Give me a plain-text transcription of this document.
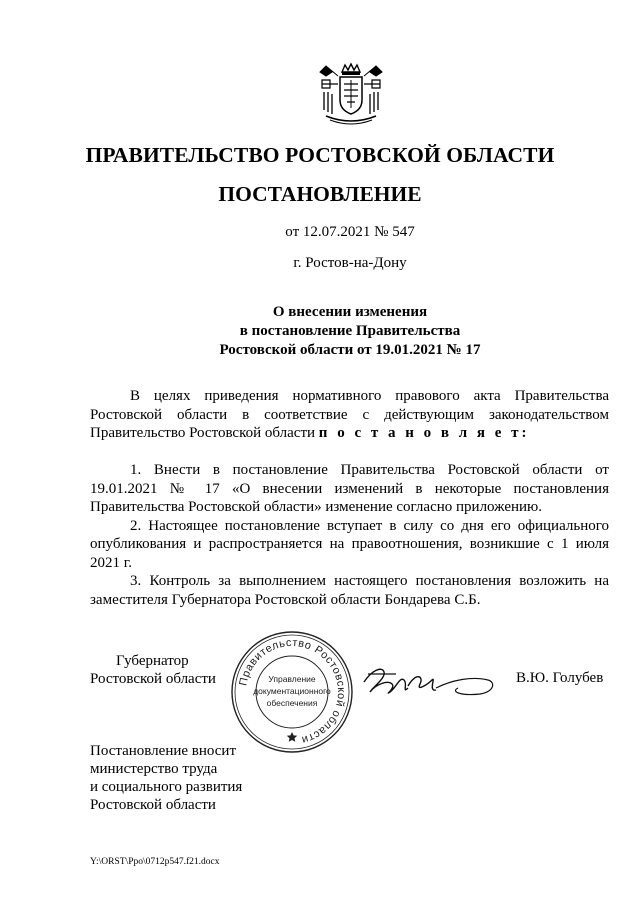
ПРАВИТЕЛЬСТВО РОСТОВСКОЙ ОБЛАСТИ
ПОСТАНОВЛЕНИЕ
от 12.07.2021 № 547
г. Ростов-на-Дону
О внесении изменения
в постановление Правительства
Ростовской области от 19.01.2021 № 17

В целях приведения нормативного правового акта Правительства Ростовской области в соответствие с действующим законодательством Правительство Ростовской области п о с т а н о в л я е т:

1. Внести в постановление Правительства Ростовской области от 19.01.2021 № 17 «О внесении изменений в некоторые постановления Правительства Ростовской области» изменение согласно приложению.

2. Настоящее постановление вступает в силу со дня его официального опубликования и распространяется на правоотношения, возникшие с 1 июля 2021 г.

3. Контроль за выполнением настоящего постановления возложить на заместителя Губернатора Ростовской области Бондарева С.Б.

Губернатор
Ростовской области Правительство Ростовской области
Управление
документационного
обеспечения
В.Ю. Голубев
Постановление вносит
министерство труда
и социального развития
Ростовской области
Y:\ORST\Ppo\0712p547.f21.docx
